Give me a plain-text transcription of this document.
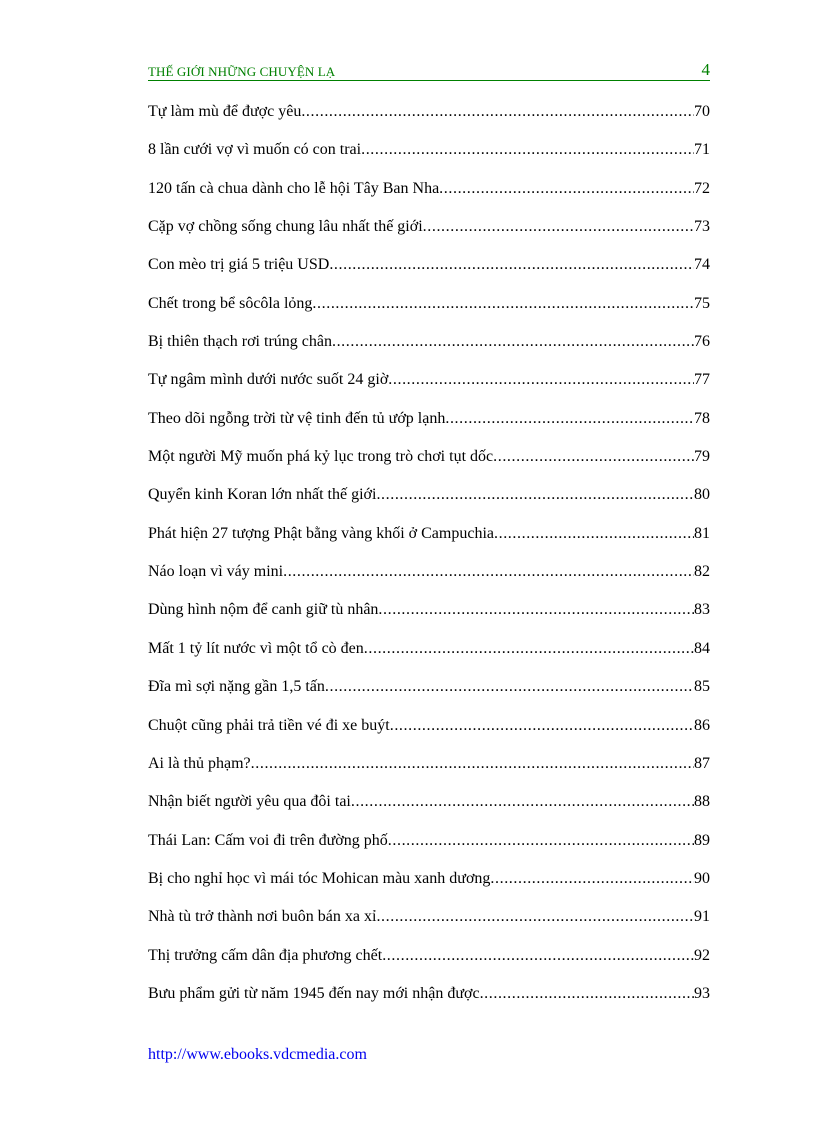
THẾ GIỚI NHỮNG CHUYỆN LẠ	4
Tự làm mù để được yêu .....	70
8 lần cưới vợ vì muốn có con trai .....	71
120 tấn cà chua dành cho lễ hội Tây Ban Nha .....	72
Cặp vợ chồng sống chung lâu nhất thế giới .....	73
Con mèo trị giá 5 triệu USD .....	74
Chết trong bể sôcôla lỏng .....	75
Bị thiên thạch rơi trúng chân .....	76
Tự ngâm mình dưới nước suốt 24 giờ .....	77
Theo dõi ngỗng trời từ vệ tinh đến tủ ướp lạnh .....	78
Một người Mỹ muốn phá kỷ lục trong trò chơi tụt dốc .....	79
Quyển kinh Koran lớn nhất thế giới .....	80
Phát hiện 27 tượng Phật bằng vàng khối ở Campuchia .....	81
Náo loạn vì váy mini .....	82
Dùng hình nộm để canh giữ tù nhân .....	83
Mất 1 tỷ lít nước vì một tổ cò đen .....	84
Đĩa mì sợi nặng gần 1,5 tấn .....	85
Chuột cũng phải trả tiền vé đi xe buýt .....	86
Ai là thủ phạm? .....	87
Nhận biết người yêu qua đôi tai .....	88
Thái Lan: Cấm voi đi trên đường phố .....	89
Bị cho nghỉ học vì mái tóc Mohican màu xanh dương .....	90
Nhà tù trở thành nơi buôn bán xa xỉ .....	91
Thị trưởng cấm dân địa phương chết .....	92
Bưu phẩm gửi từ năm 1945 đến nay mới nhận được .....	93
http://www.ebooks.vdcmedia.com
